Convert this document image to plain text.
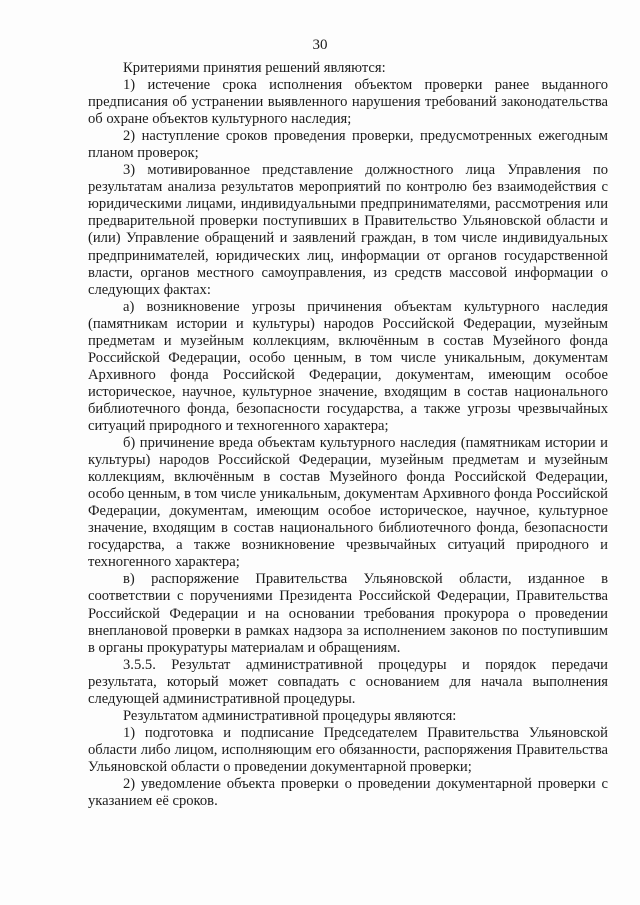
30

Критериями принятия решений являются:

1) истечение срока исполнения объектом проверки ранее выданного предписания об устранении выявленного нарушения требований законодательства об охране объектов культурного наследия;

2) наступление сроков проведения проверки, предусмотренных ежегодным планом проверок;

3) мотивированное представление должностного лица Управления по результатам анализа результатов мероприятий по контролю без взаимодействия с юридическими лицами, индивидуальными предпринимателями, рассмотрения или предварительной проверки поступивших в Правительство Ульяновской области и (или) Управление обращений и заявлений граждан, в том числе индивидуальных предпринимателей, юридических лиц, информации от органов государственной власти, органов местного самоуправления, из средств массовой информации о следующих фактах:

а) возникновение угрозы причинения объектам культурного наследия (памятникам истории и культуры) народов Российской Федерации, музейным предметам и музейным коллекциям, включённым в состав Музейного фонда Российской Федерации, особо ценным, в том числе уникальным, документам Архивного фонда Российской Федерации, документам, имеющим особое историческое, научное, культурное значение, входящим в состав национального библиотечного фонда, безопасности государства, а также угрозы чрезвычайных ситуаций природного и техногенного характера;

б) причинение вреда объектам культурного наследия (памятникам истории и культуры) народов Российской Федерации, музейным предметам и музейным коллекциям, включённым в состав Музейного фонда Российской Федерации, особо ценным, в том числе уникальным, документам Архивного фонда Российской Федерации, документам, имеющим особое историческое, научное, культурное значение, входящим в состав национального библиотечного фонда, безопасности государства, а также возникновение чрезвычайных ситуаций природного и техногенного характера;

в) распоряжение Правительства Ульяновской области, изданное в соответствии с поручениями Президента Российской Федерации, Правительства Российской Федерации и на основании требования прокурора о проведении внеплановой проверки в рамках надзора за исполнением законов по поступившим в органы прокуратуры материалам и обращениям.

3.5.5. Результат административной процедуры и порядок передачи результата, который может совпадать с основанием для начала выполнения следующей административной процедуры.

Результатом административной процедуры являются:

1) подготовка и подписание Председателем Правительства Ульяновской области либо лицом, исполняющим его обязанности, распоряжения Правительства Ульяновской области о проведении документарной проверки;

2) уведомление объекта проверки о проведении документарной проверки с указанием её сроков.
